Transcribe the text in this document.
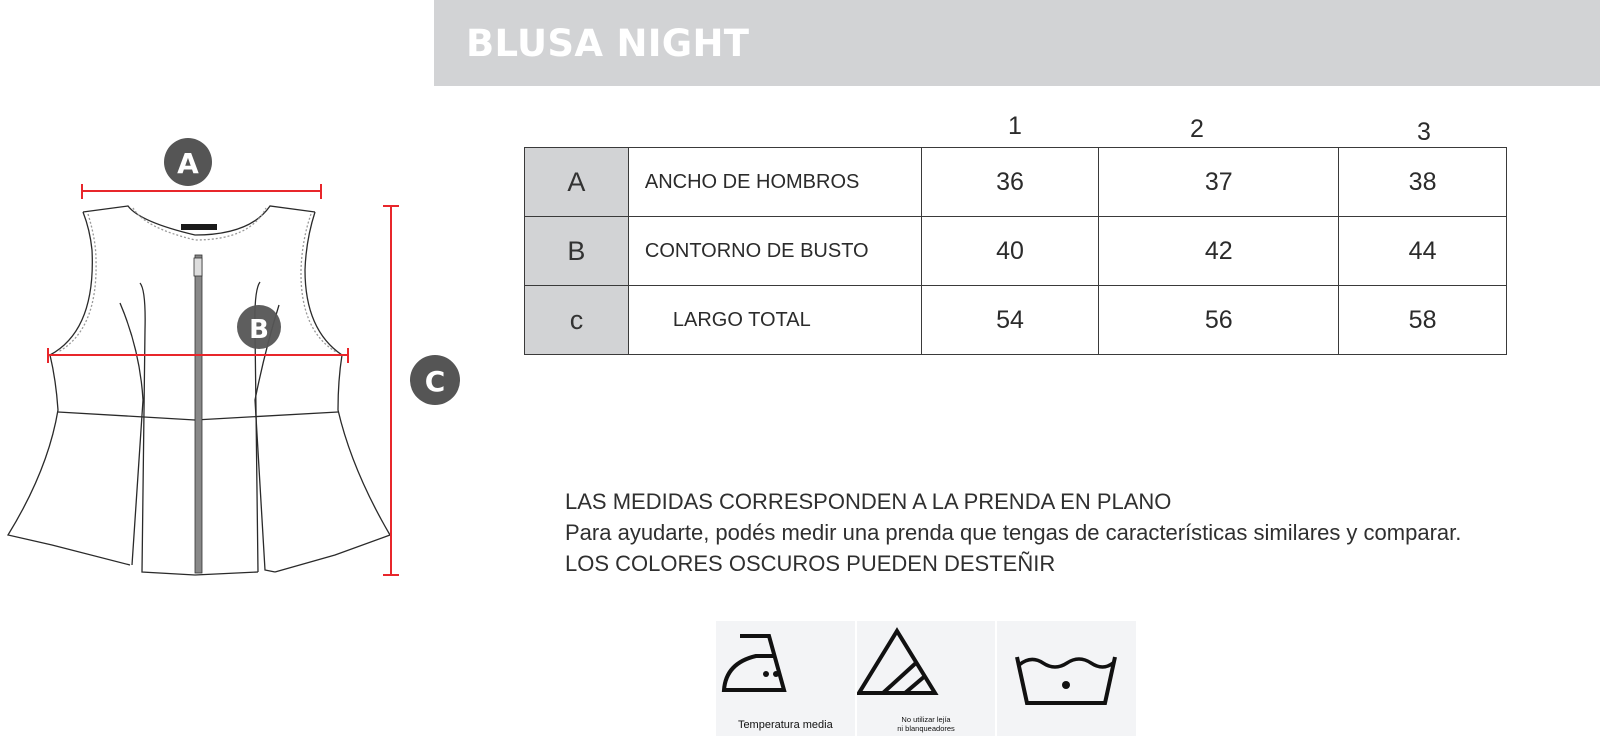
BLUSA NIGHT
A
B
C
1	2	3
A	ANCHO DE HOMBROS	36	37	38
B	CONTORNO DE BUSTO	40	42	44
c	LARGO TOTAL	54	56	58
LAS MEDIDAS CORRESPONDEN A LA PRENDA EN PLANO
Para ayudarte, podés medir una prenda que tengas de características similares y comparar.
LOS COLORES OSCUROS PUEDEN DESTEÑIR
Temperatura media	No utilizar lejía
ni blanqueadores
